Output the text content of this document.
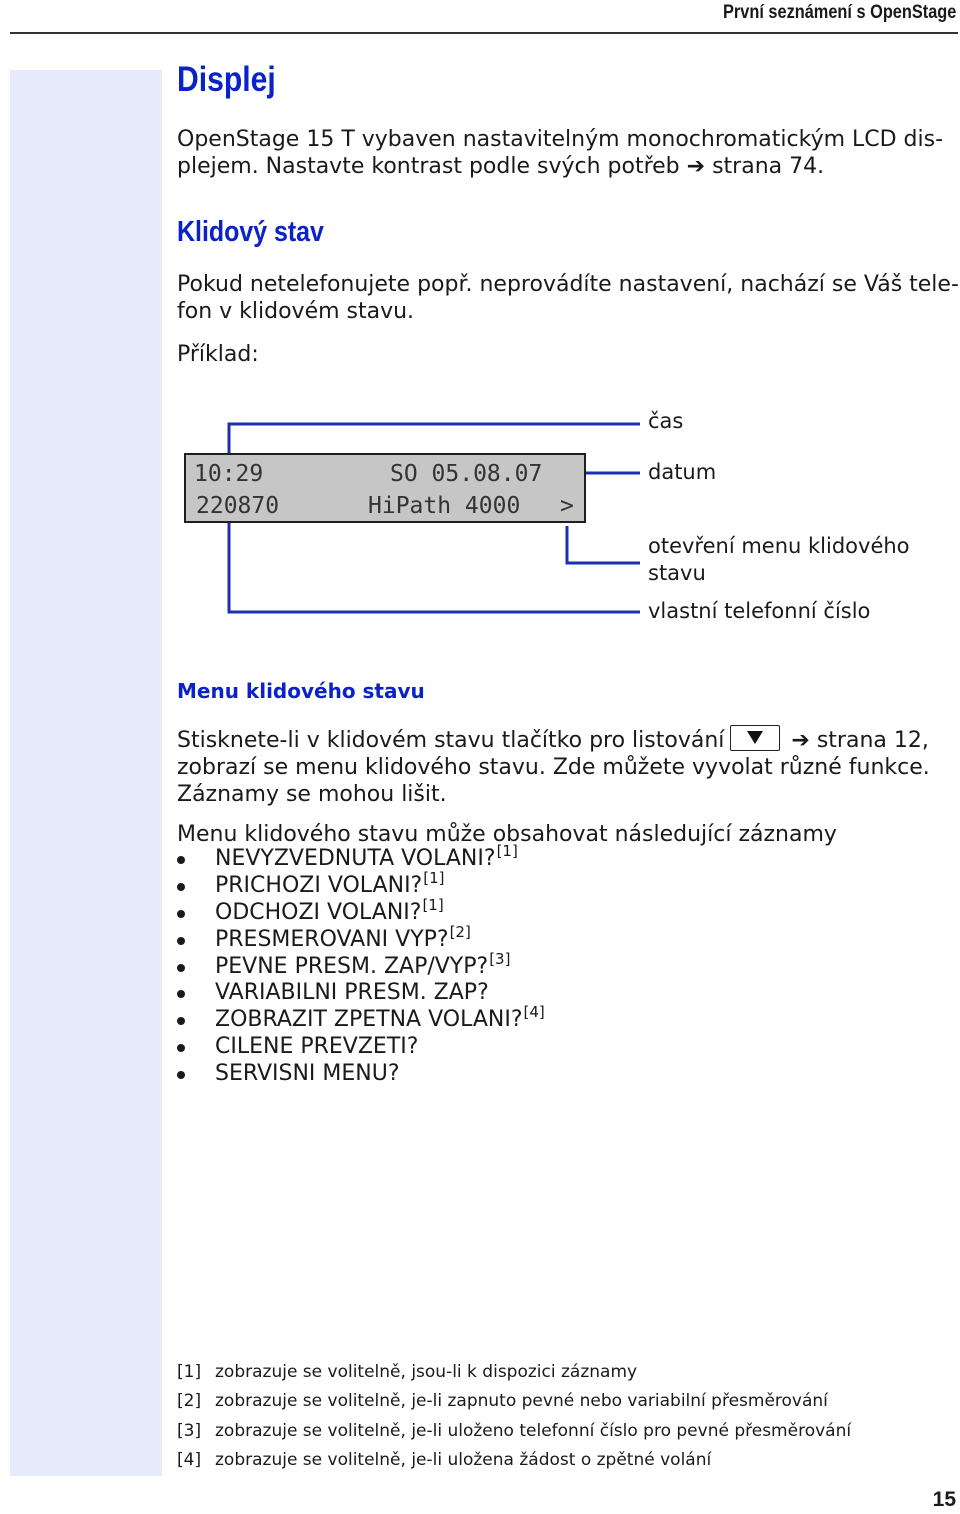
První seznámení s OpenStage
Displej
OpenStage 15 T vybaven nastavitelným monochromatickým LCD dis-
plejem. Nastavte kontrast podle svých potřeb ➔ strana 74.
Klidový stav
Pokud netelefonujete popř. neprovádíte nastavení, nachází se Váš tele-
fon v klidovém stavu.
Příklad:
10:29	SO 05.08.07
220870	HiPath 4000 >
čas
datum
otevření menu klidového
stavu
vlastní telefonní číslo
Menu klidového stavu
Stisknete-li v klidovém stavu tlačítko pro listování	➔ strana 12,
zobrazí se menu klidového stavu. Zde můžete vyvolat různé funkce.
Záznamy se mohou lišit.
Menu klidového stavu může obsahovat následující záznamy
NEVYZVEDNUTA VOLANI?[1]
PRICHOZI VOLANI?[1]
ODCHOZI VOLANI?[1]
PRESMEROVANI VYP?[2]
PEVNE PRESM. ZAP/VYP?[3]
VARIABILNI PRESM. ZAP?
ZOBRAZIT ZPETNA VOLANI?[4]
CILENE PREVZETI?
SERVISNI MENU?
[1] zobrazuje se volitelně, jsou-li k dispozici záznamy
[2] zobrazuje se volitelně, je-li zapnuto pevné nebo variabilní přesměrování
[3] zobrazuje se volitelně, je-li uloženo telefonní číslo pro pevné přesměrování
[4] zobrazuje se volitelně, je-li uložena žádost o zpětné volání
15
